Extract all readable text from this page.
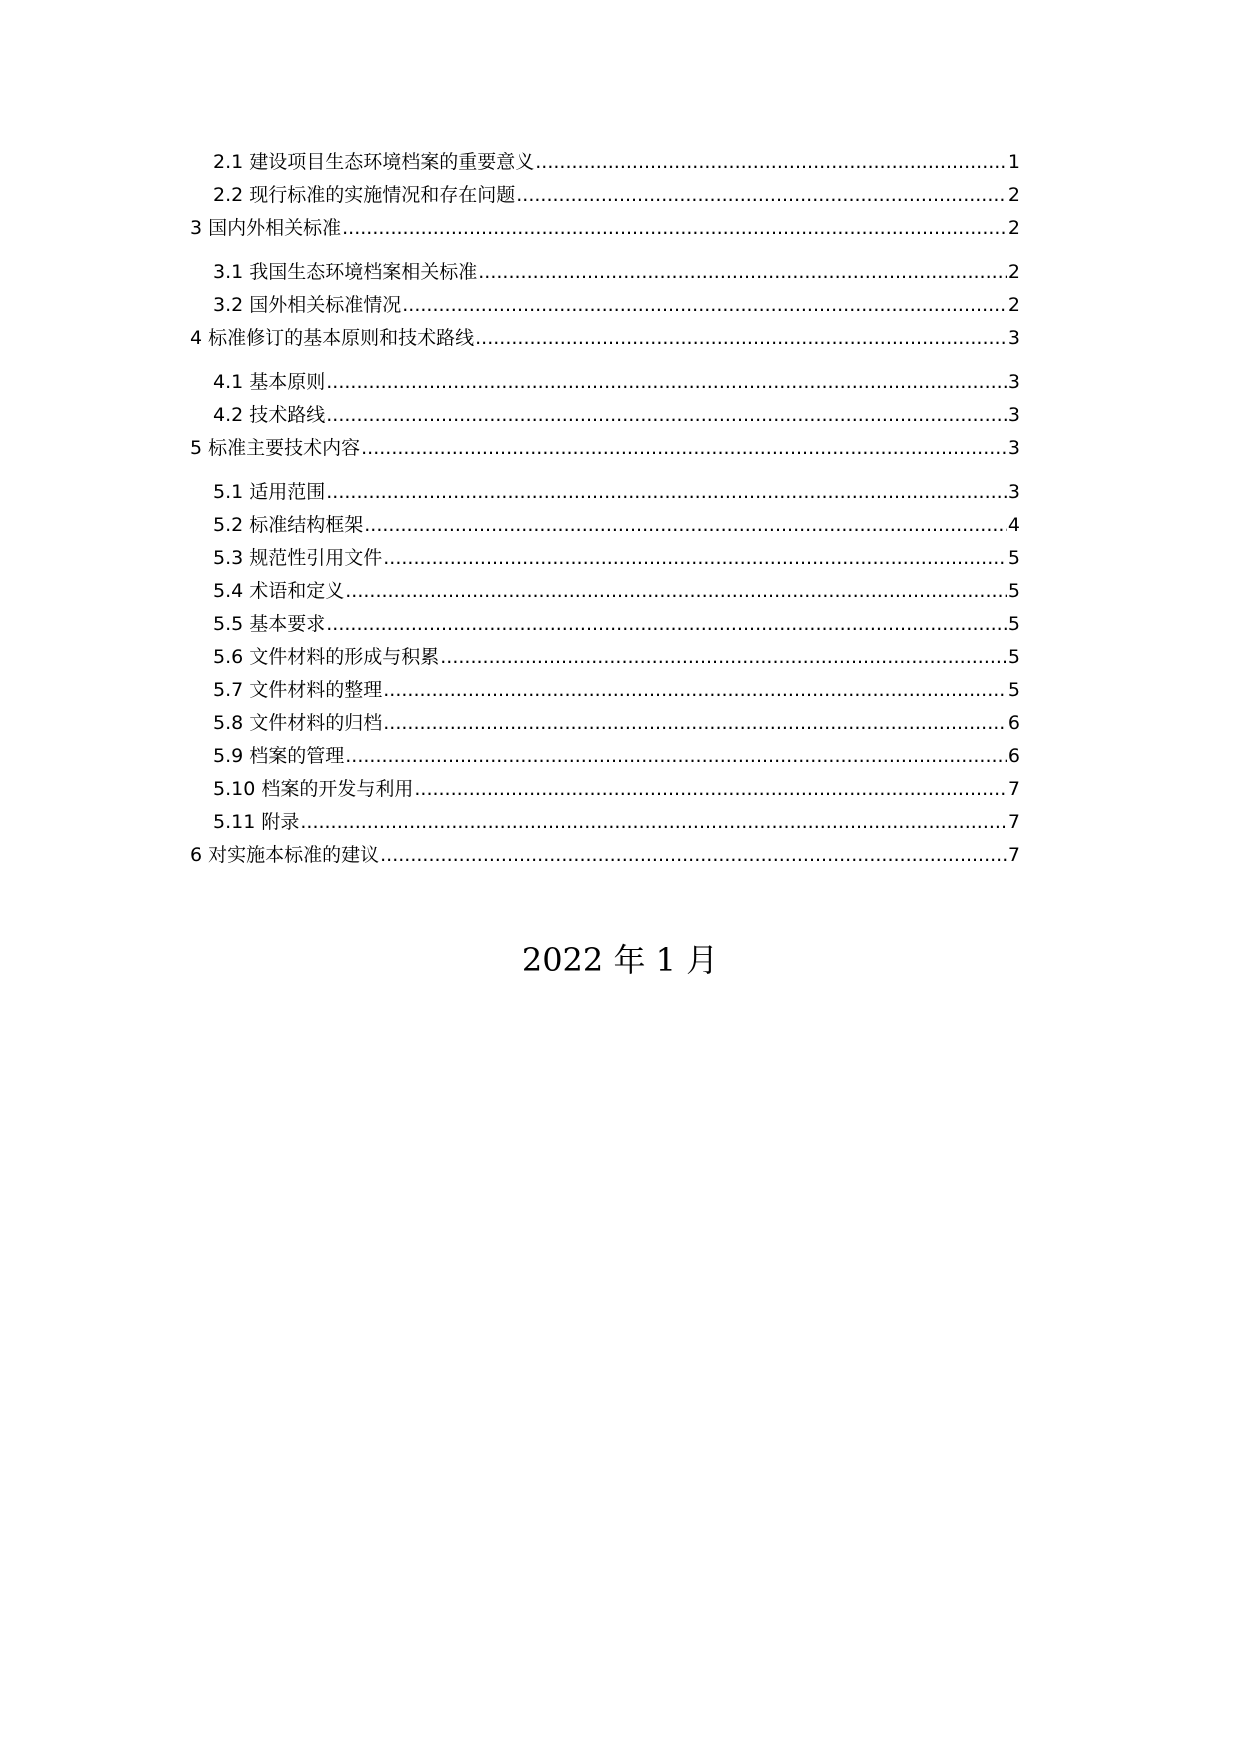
2.1 建设项目生态环境档案的重要意义 .....	1
2.2 现行标准的实施情况和存在问题 .....	2
3 国内外相关标准 .....	2
3.1 我国生态环境档案相关标准 .....	2
3.2 国外相关标准情况 .....	2
4 标准修订的基本原则和技术路线 .....	3
4.1 基本原则 .....	3
4.2 技术路线 .....	3
5 标准主要技术内容 .....	3
5.1 适用范围 .....	3
5.2 标准结构框架 .....	4
5.3 规范性引用文件 .....	5
5.4 术语和定义 .....	5
5.5 基本要求 .....	5
5.6 文件材料的形成与积累 .....	5
5.7 文件材料的整理 .....	5
5.8 文件材料的归档 .....	6
5.9 档案的管理 .....	6
5.10 档案的开发与利用 .....	7
5.11 附录 .....	7
6 对实施本标准的建议 .....	7
2022 年 1 月
